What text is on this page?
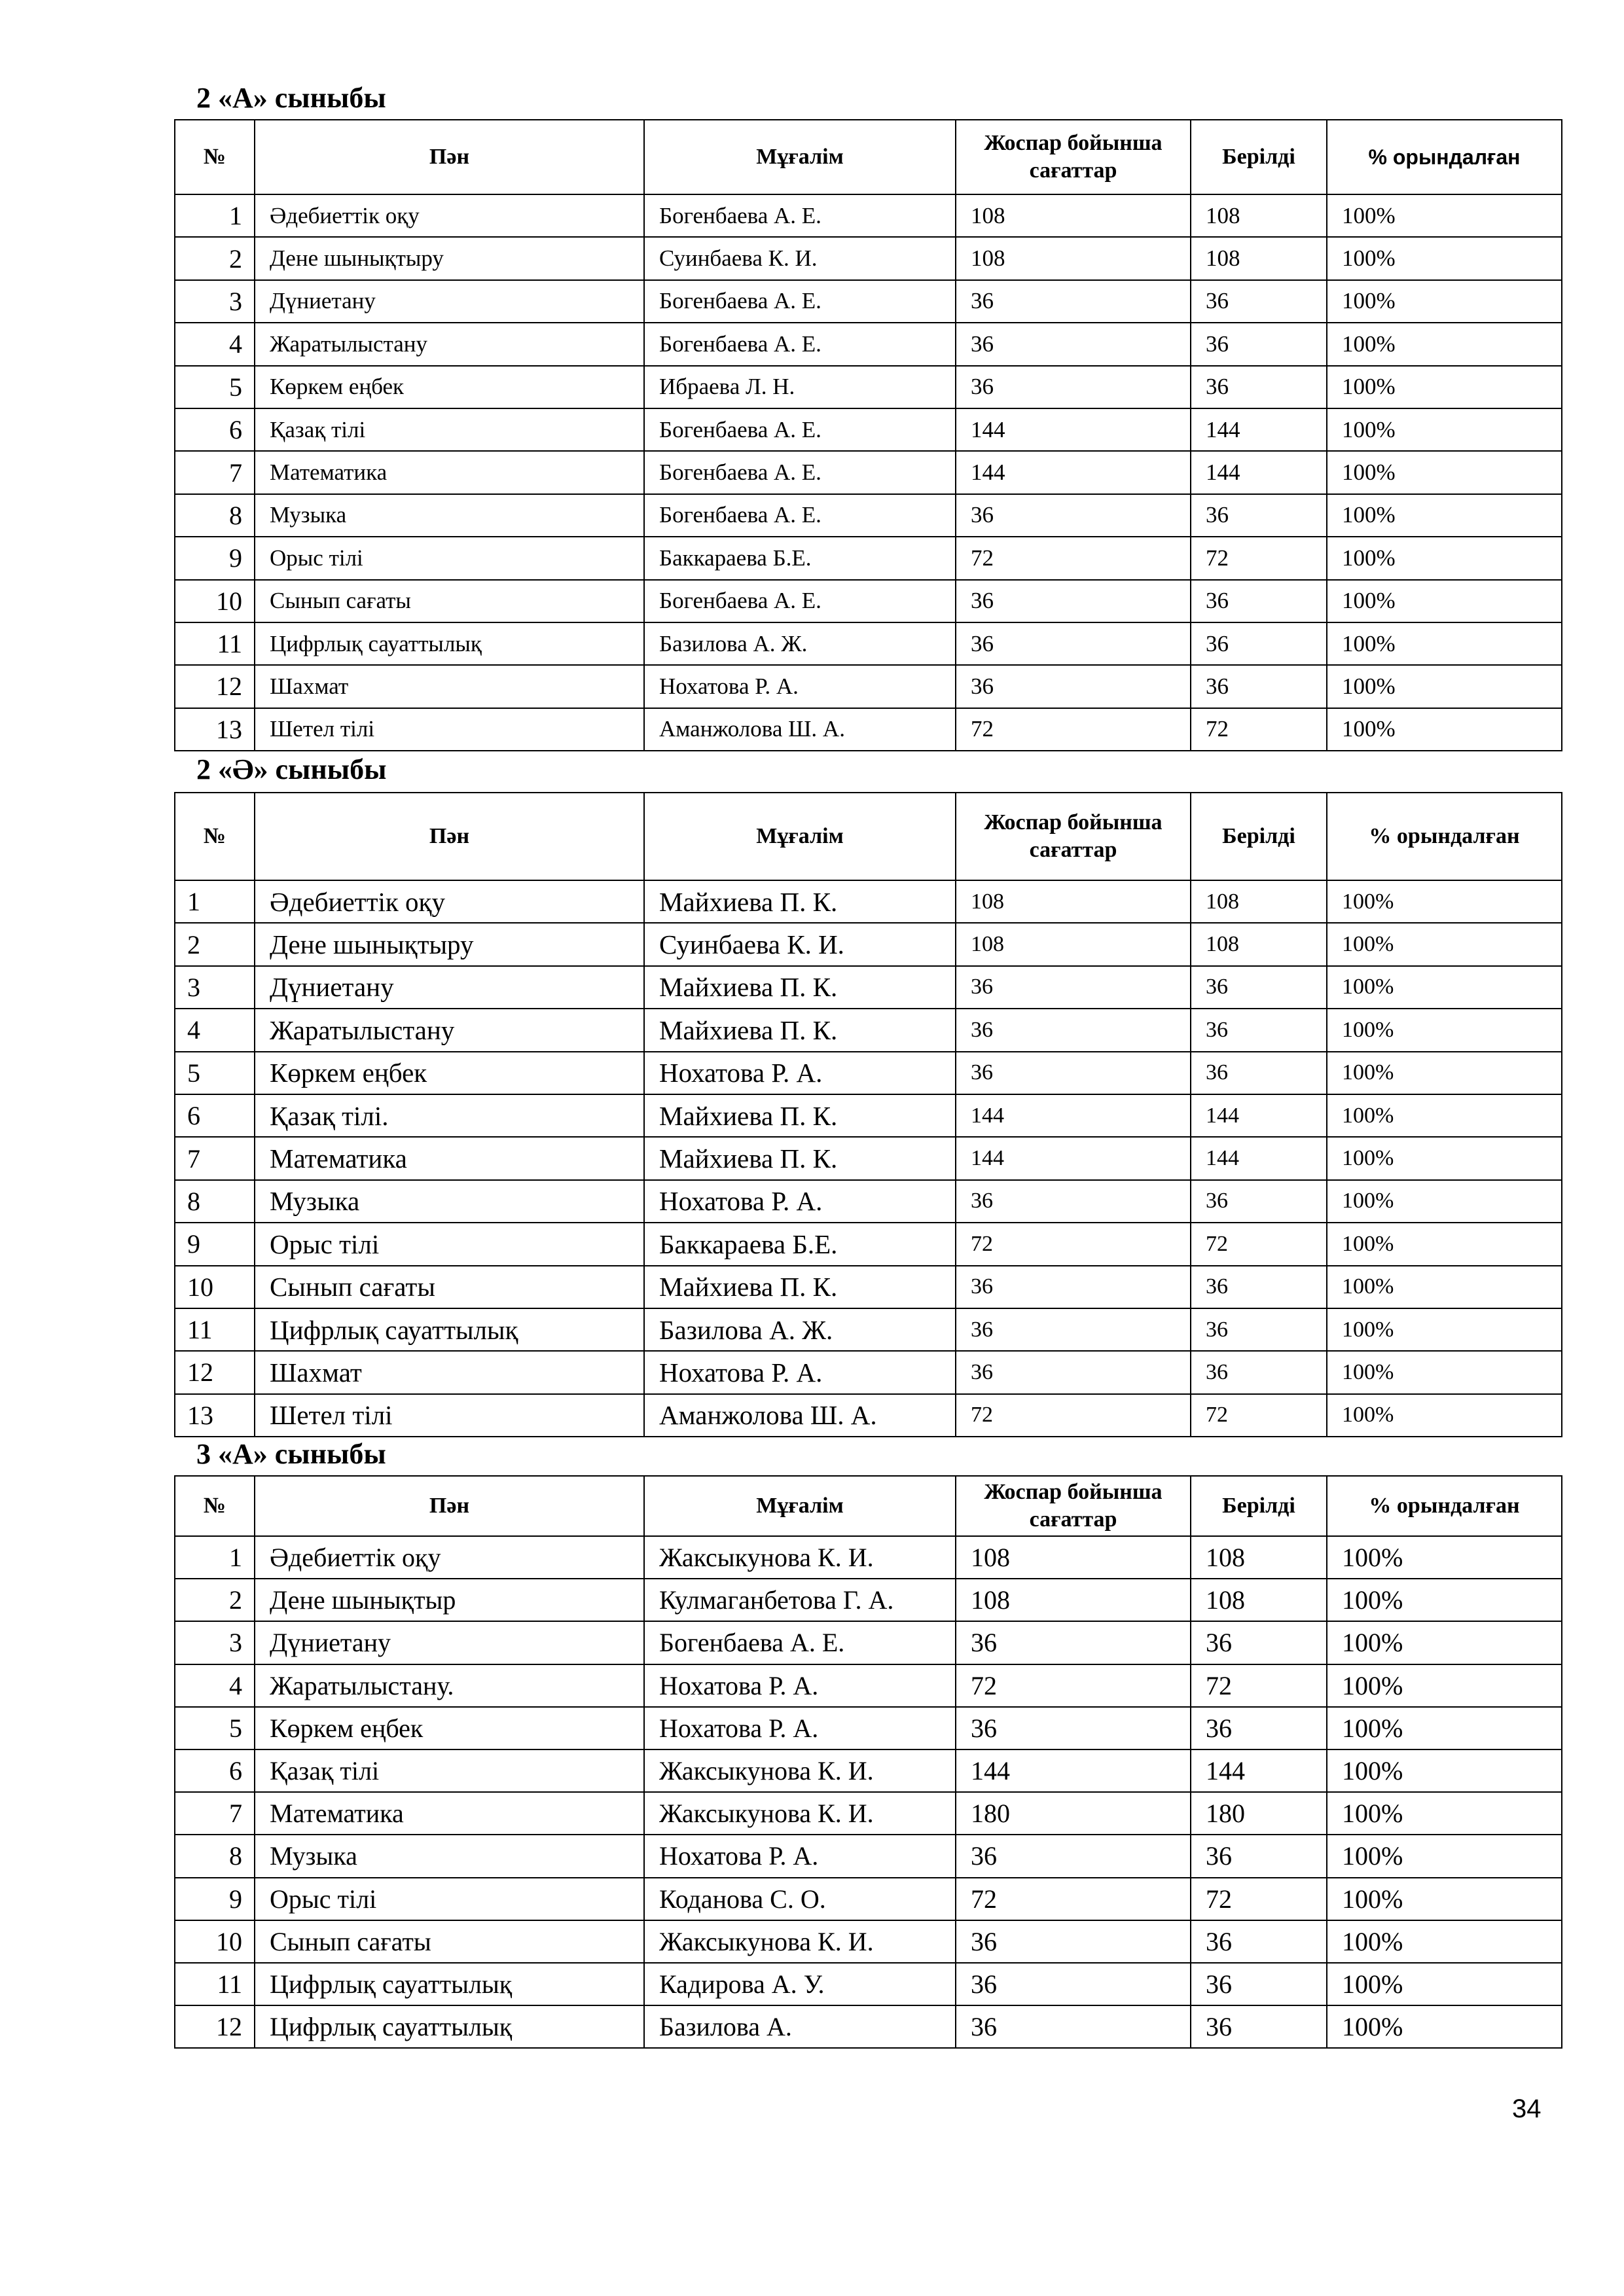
2 «А» сыныбы
№	Пән	Мұғалім	Жоспар бойынша сағаттар	Берілді	% орындалған
1	Әдебиеттік оқу	Богенбаева А. Е.	108	108	100%
2	Дене шынықтыру	Суинбаева К. И.	108	108	100%
3	Дүниетану	Богенбаева А. Е.	36	36	100%
4	Жаратылыстану	Богенбаева А. Е.	36	36	100%
5	Көркем еңбек	Ибраева Л. Н.	36	36	100%
6	Қазақ тілі	Богенбаева А. Е.	144	144	100%
7	Математика	Богенбаева А. Е.	144	144	100%
8	Музыка	Богенбаева А. Е.	36	36	100%
9	Орыс тілі	Баккараева Б.Е.	72	72	100%
10	Сынып сағаты	Богенбаева А. Е.	36	36	100%
11	Цифрлық сауаттылық	Базилова А. Ж.	36	36	100%
12	Шахмат	Нохатова Р. А.	36	36	100%
13	Шетел тілі	Аманжолова Ш. А.	72	72	100%
2 «Ә» сыныбы
№	Пән	Мұғалім	Жоспар бойынша сағаттар	Берілді	% орындалған
1	Әдебиеттік оқу	Майхиева П. К.	108	108	100%
2	Дене шынықтыру	Суинбаева К. И.	108	108	100%
3	Дүниетану	Майхиева П. К.	36	36	100%
4	Жаратылыстану	Майхиева П. К.	36	36	100%
5	Көркем еңбек	Нохатова Р. А.	36	36	100%
6	Қазақ тілі.	Майхиева П. К.	144	144	100%
7	Математика	Майхиева П. К.	144	144	100%
8	Музыка	Нохатова Р. А.	36	36	100%
9	Орыс тілі	Баккараева Б.Е.	72	72	100%
10	Сынып сағаты	Майхиева П. К.	36	36	100%
11	Цифрлық сауаттылық	Базилова А. Ж.	36	36	100%
12	Шахмат	Нохатова Р. А.	36	36	100%
13	Шетел тілі	Аманжолова Ш. А.	72	72	100%
3 «А» сыныбы
№	Пән	Мұғалім	Жоспар бойынша сағаттар	Берілді	% орындалған
1	Әдебиеттік оқу	Жаксыкунова К. И.	108	108	100%
2	Дене шынықтыр	Кулмаганбетова Г. А.	108	108	100%
3	Дүниетану	Богенбаева А. Е.	36	36	100%
4	Жаратылыстану.	Нохатова Р. А.	72	72	100%
5	Көркем еңбек	Нохатова Р. А.	36	36	100%
6	Қазақ тілі	Жаксыкунова К. И.	144	144	100%
7	Математика	Жаксыкунова К. И.	180	180	100%
8	Музыка	Нохатова Р. А.	36	36	100%
9	Орыс тілі	Коданова С. О.	72	72	100%
10	Сынып сағаты	Жаксыкунова К. И.	36	36	100%
11	Цифрлық сауаттылық	Кадирова А. У.	36	36	100%
12	Цифрлық сауаттылық	Базилова А.	36	36	100%
34
